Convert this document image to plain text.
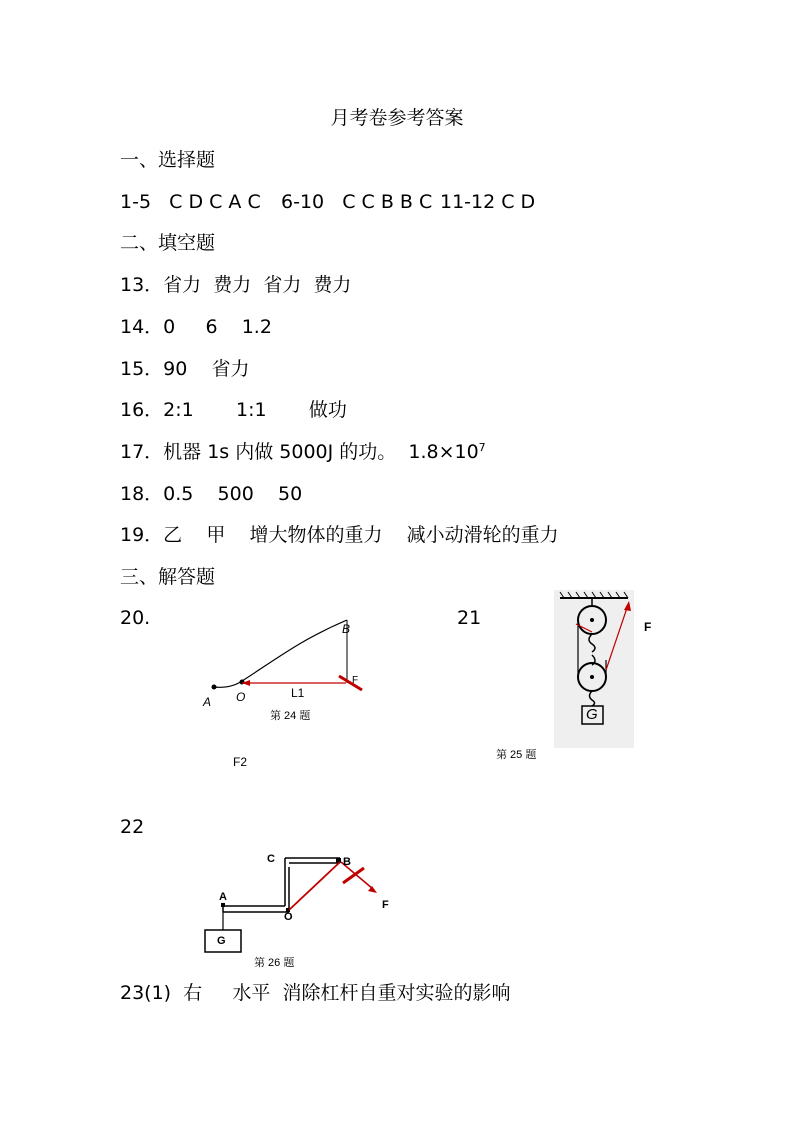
月考卷参考答案
一、选择题
1-5   C D C A C 6-10   C C B B C 11-12 C D
二、填空题
13．省力  费力  省力  费力
14．0     6    1.2
15．90    省力
16．2:1       1:1       做功
17．机器 1s 内做 5000J 的功。  $1.8\times 10^7$
18．0.5    500    50
19．乙    甲    增大物体的重力    减小动滑轮的重力
三、解答题
20.
A O
B
L1
F
第 24 题
F2
21
G
F
第 25 题
22
A
C	B
O
F
G
第 26 题
23(1)  右     水平  消除杠杆自重对实验的影响
